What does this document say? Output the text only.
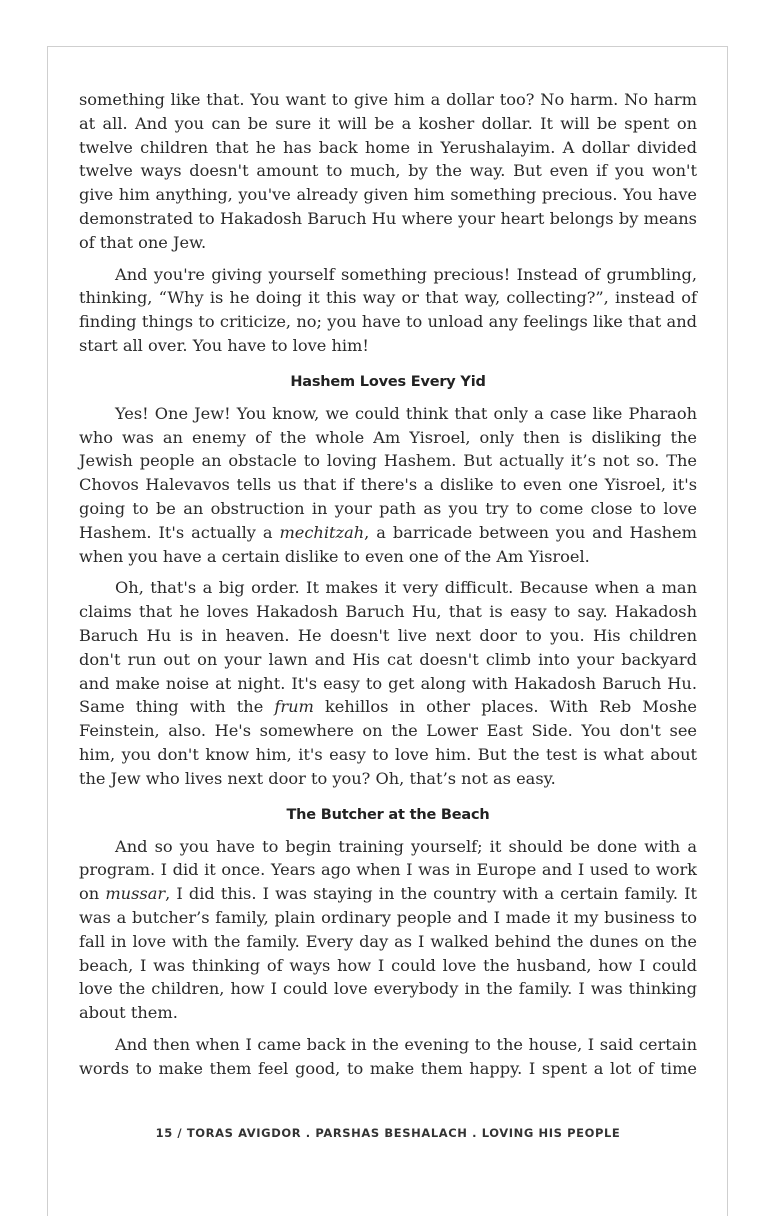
something like that. You want to give him a dollar too? No harm. No harm at all. And you can be sure it will be a kosher dollar. It will be spent on twelve children that he has back home in Yerushalayim. A dollar divided twelve ways doesn't amount to much, by the way. But even if you won't give him anything, you've already given him something precious. You have demonstrated to Hakadosh Baruch Hu where your heart belongs by means of that one Jew.

And you're giving yourself something precious! Instead of grumbling, thinking, “Why is he doing it this way or that way, collecting?”, instead of finding things to criticize, no; you have to unload any feelings like that and start all over. You have to love him!

Hashem Loves Every Yid

Yes! One Jew! You know, we could think that only a case like Pharaoh who was an enemy of the whole Am Yisroel, only then is disliking the Jewish people an obstacle to loving Hashem. But actually it’s not so. The Chovos Halevavos tells us that if there's a dislike to even one Yisroel, it's going to be an obstruction in your path as you try to come close to love Hashem. It's actually a mechitzah, a barricade between you and Hashem when you have a certain dislike to even one of the Am Yisroel.

Oh, that's a big order. It makes it very difficult. Because when a man claims that he loves Hakadosh Baruch Hu, that is easy to say. Hakadosh Baruch Hu is in heaven. He doesn't live next door to you. His children don't run out on your lawn and His cat doesn't climb into your backyard and make noise at night. It's easy to get along with Hakadosh Baruch Hu. Same thing with the frum kehillos in other places. With Reb Moshe Feinstein, also. He's somewhere on the Lower East Side. You don't see him, you don't know him, it's easy to love him. But the test is what about the Jew who lives next door to you? Oh, that’s not as easy.

The Butcher at the Beach

And so you have to begin training yourself; it should be done with a program. I did it once. Years ago when I was in Europe and I used to work on mussar, I did this. I was staying in the country with a certain family. It was a butcher’s family, plain ordinary people and I made it my business to fall in love with the family. Every day as I walked behind the dunes on the beach, I was thinking of ways how I could love the husband, how I could love the children, how I could love everybody in the family. I was thinking about them.

And then when I came back in the evening to the house, I said certain words to make them feel good, to make them happy. I spent a lot of time

15 / TORAS AVIGDOR . PARSHAS BESHALACH . LOVING HIS PEOPLE
